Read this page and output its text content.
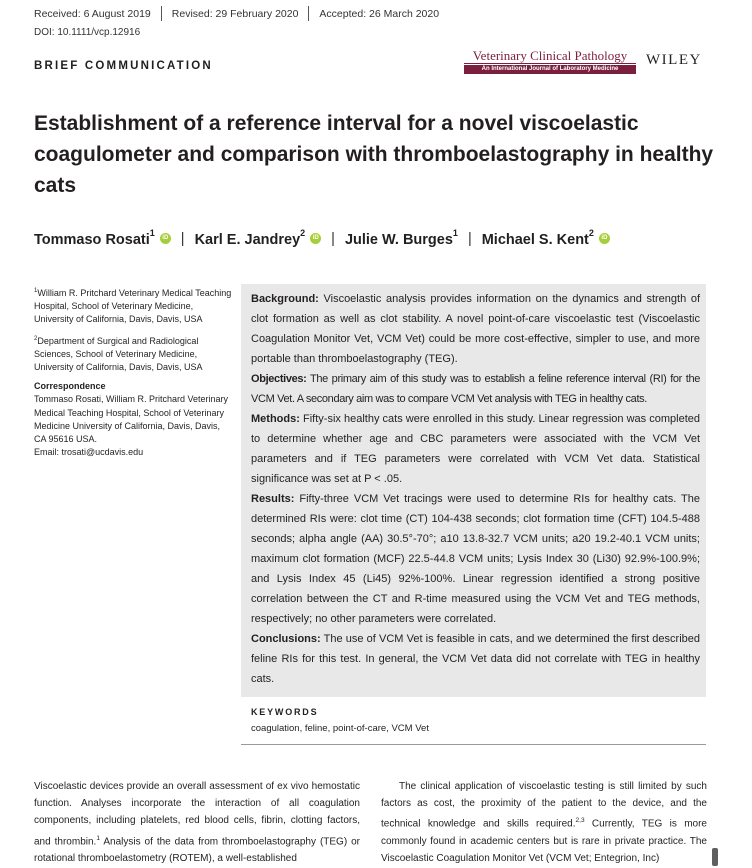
Received: 6 August 2019 Revised: 29 February 2020 Accepted: 26 March 2020
DOI: 10.1111/vcp.12916
Veterinary Clinical Pathology
An International Journal of Laboratory Medicine
WILEY
BRIEF COMMUNICATION
Establishment of a reference interval for a novel viscoelastic coagulometer and comparison with thromboelastography in healthy cats
Tommaso Rosati$^1$
iD | Karl E. Jandrey$^2$
iD | Julie W. Burges$^1$ | Michael S. Kent$^2$
iD

$^1$William R. Pritchard Veterinary Medical Teaching Hospital, School of Veterinary Medicine, University of California, Davis, Davis, USA

$^2$Department of Surgical and Radiological Sciences, School of Veterinary Medicine, University of California, Davis, Davis, USA

Correspondence

Tommaso Rosati, William R. Pritchard Veterinary Medical Teaching Hospital, School of Veterinary Medicine University of California, Davis, Davis, CA 95616 USA.

Email: trosati@ucdavis.edu

Background: Viscoelastic analysis provides information on the dynamics and strength of clot formation as well as clot stability. A novel point-of-care viscoelastic test (Viscoelastic Coagulation Monitor Vet, VCM Vet) could be more cost-effective, simpler to use, and more portable than thromboelastography (TEG).

Objectives: The primary aim of this study was to establish a feline reference interval (RI) for the VCM Vet. A secondary aim was to compare VCM Vet analysis with TEG in healthy cats.

Methods: Fifty-six healthy cats were enrolled in this study. Linear regression was completed to determine whether age and CBC parameters were associated with the VCM Vet parameters and if TEG parameters were correlated with VCM Vet data. Statistical significance was set at P < .05.

Results: Fifty-three VCM Vet tracings were used to determine RIs for healthy cats. The determined RIs were: clot time (CT) 104-438 seconds; clot formation time (CFT) 104.5-488 seconds; alpha angle (AA) 30.5°-70°; a10 13.8-32.7 VCM units; a20 19.2-40.1 VCM units; maximum clot formation (MCF) 22.5-44.8 VCM units; Lysis Index 30 (Li30) 92.9%-100.9%; and Lysis Index 45 (Li45) 92%-100%. Linear regression identified a strong positive correlation between the CT and R-time measured using the VCM Vet and TEG methods, respectively; no other parameters were correlated.

Conclusions: The use of VCM Vet is feasible in cats, and we determined the first described feline RIs for this test. In general, the VCM Vet data did not correlate with TEG in healthy cats.

KEYWORDS
coagulation, feline, point-of-care, VCM Vet

Viscoelastic devices provide an overall assessment of ex vivo hemostatic function. Analyses incorporate the interaction of all coagulation components, including platelets, red blood cells, fibrin, clotting factors, and thrombin.$^1$ Analysis of the data from thromboelastography (TEG) or rotational thromboelastometry (ROTEM), a well-established

The clinical application of viscoelastic testing is still limited by such factors as cost, the proximity of the patient to the device, and the technical knowledge and skills required.$^{2,3}$ Currently, TEG is more commonly found in academic centers but is rare in private practice. The Viscoelastic Coagulation Monitor Vet (VCM Vet; Entegrion, Inc)
